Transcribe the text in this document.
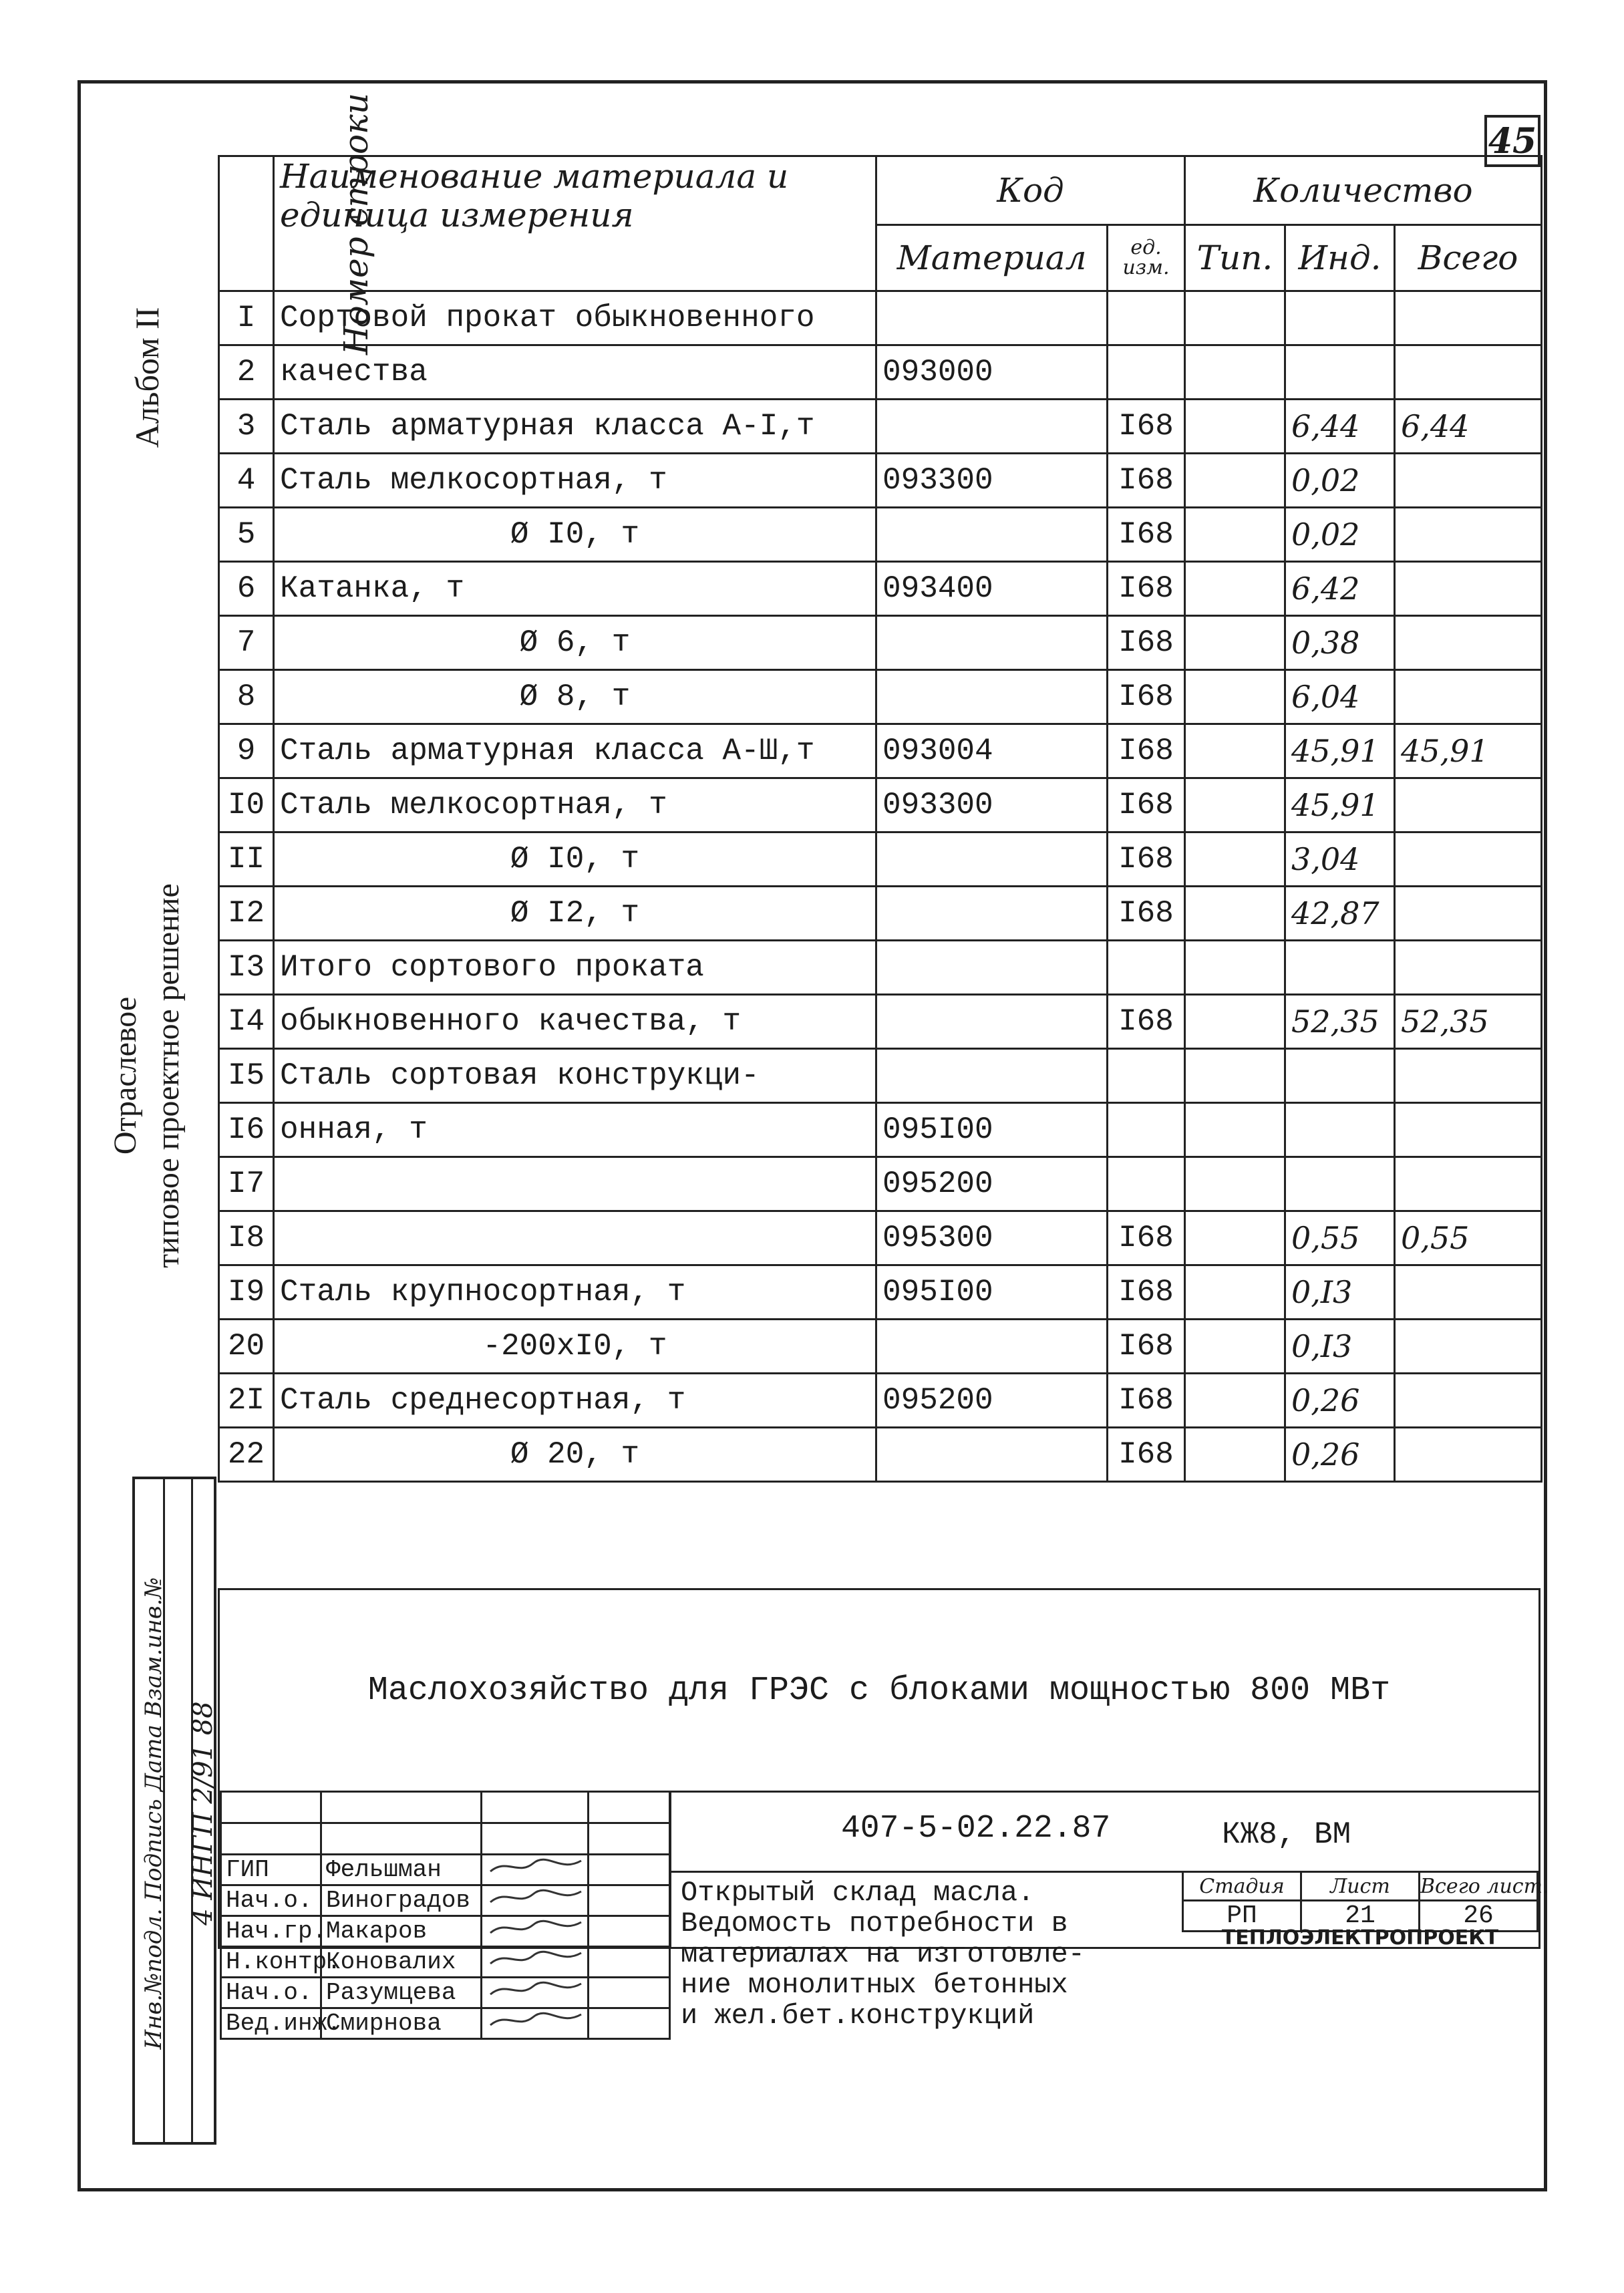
45
Альбом II
Отраслевое типовое проектное решение
Инв.№подл. Подпись Дата Взам.инв.№
4 ИНГП 2/91 88
Номер строки	Наименование материала и единица измерения	Код		Количество		
		Материал	ед. изм.	Тип.	Инд.	Всего
I	Сортовой прокат обыкновенного					
2	качества	093000				
3	Сталь арматурная класса А-I,т		I68		6,44	6,44
4	Сталь мелкосортная, т	093300	I68		0,02	
5	Ø I0, т		I68		0,02	
6	Катанка, т	093400	I68		6,42	
7	Ø 6, т		I68		0,38	
8	Ø 8, т		I68		6,04	
9	Сталь арматурная класса А-Ш,т	093004	I68		45,91	45,91
I0	Сталь мелкосортная, т	093300	I68		45,91	
II	Ø I0, т		I68		3,04	
I2	Ø I2, т		I68		42,87	
I3	Итого сортового проката					
I4	обыкновенного качества, т		I68		52,35	52,35
I5	Сталь сортовая конструкци-					
I6	онная, т	095I00				
I7		095200				
I8		095300	I68		0,55	0,55
I9	Сталь крупносортная, т	095I00	I68		0,I3	
20	-200хI0, т		I68		0,I3	
2I	Сталь среднесортная, т	095200	I68		0,26	
22	Ø 20, т		I68		0,26	
Маслохозяйство для ГРЭС с блоками мощностью 800 МВт

ГИП	Фельшман		
Нач.о.	Виноградов		
Нач.гр.	Макаров		
Н.контр.	Коновалих		
Нач.о.	Разумцева		
Вед.инж.	Смирнова		
407-5-02.22.87	КЖ8, ВМ
Открытый склад масла.
Ведомость потребности в
материалах на изготовле-
ние монолитных бетонных
и жел.бет.конструкций
Стадия	Лист	Всего лист.
РП	21	26
ТЕПЛОЭЛЕКТРОПРОЕКТ
